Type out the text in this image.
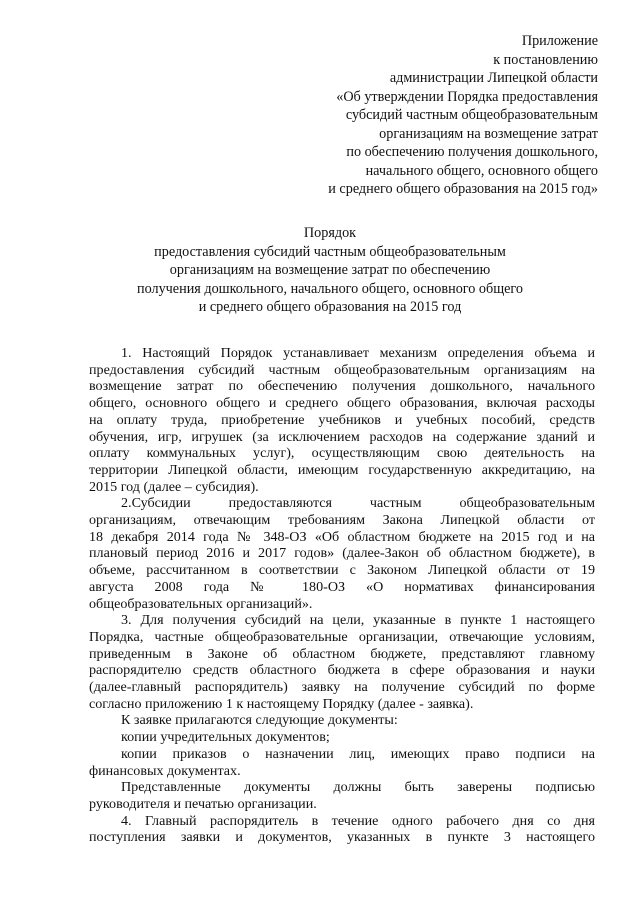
Приложение
к постановлению
администрации Липецкой области
«Об утверждении Порядка предоставления
субсидий частным общеобразовательным
организациям на возмещение затрат
по обеспечению получения дошкольного,
начального общего, основного общего
и среднего общего образования на 2015 год»
Порядок
предоставления субсидий частным общеобразовательным
организациям на возмещение затрат по обеспечению
получения дошкольного, начального общего, основного общего
и среднего общего образования на 2015 год
1. Настоящий Порядок устанавливает механизм определения объема и
предоставления субсидий частным общеобразовательным организациям на
возмещение затрат по обеспечению получения дошкольного, начального
общего, основного общего и среднего общего образования, включая расходы
на оплату труда, приобретение учебников и учебных пособий, средств
обучения, игр, игрушек (за исключением расходов на содержание зданий и
оплату коммунальных услуг), осуществляющим свою деятельность на
территории Липецкой области, имеющим государственную аккредитацию, на
2015 год (далее – субсидия).
2.Субсидии предоставляются частным общеобразовательным
организациям, отвечающим требованиям Закона Липецкой области от
18 декабря 2014 года № 348-ОЗ «Об областном бюджете на 2015 год и на
плановый период 2016 и 2017 годов» (далее-Закон об областном бюджете), в
объеме, рассчитанном в соответствии с Законом Липецкой области от 19
августа 2008 года № 180-ОЗ «О нормативах финансирования
общеобразовательных организаций».
3. Для получения субсидий на цели, указанные в пункте 1 настоящего
Порядка, частные общеобразовательные организации, отвечающие условиям,
приведенным в Законе об областном бюджете, представляют главному
распорядителю средств областного бюджета в сфере образования и науки
(далее-главный распорядитель) заявку на получение субсидий по форме
согласно приложению 1 к настоящему Порядку (далее - заявка).
К заявке прилагаются следующие документы:
копии учредительных документов;
копии приказов о назначении лиц, имеющих право подписи на
финансовых документах.
Представленные документы должны быть заверены подписью
руководителя и печатью организации.
4. Главный распорядитель в течение одного рабочего дня со дня
поступления заявки и документов, указанных в пункте 3 настоящего
